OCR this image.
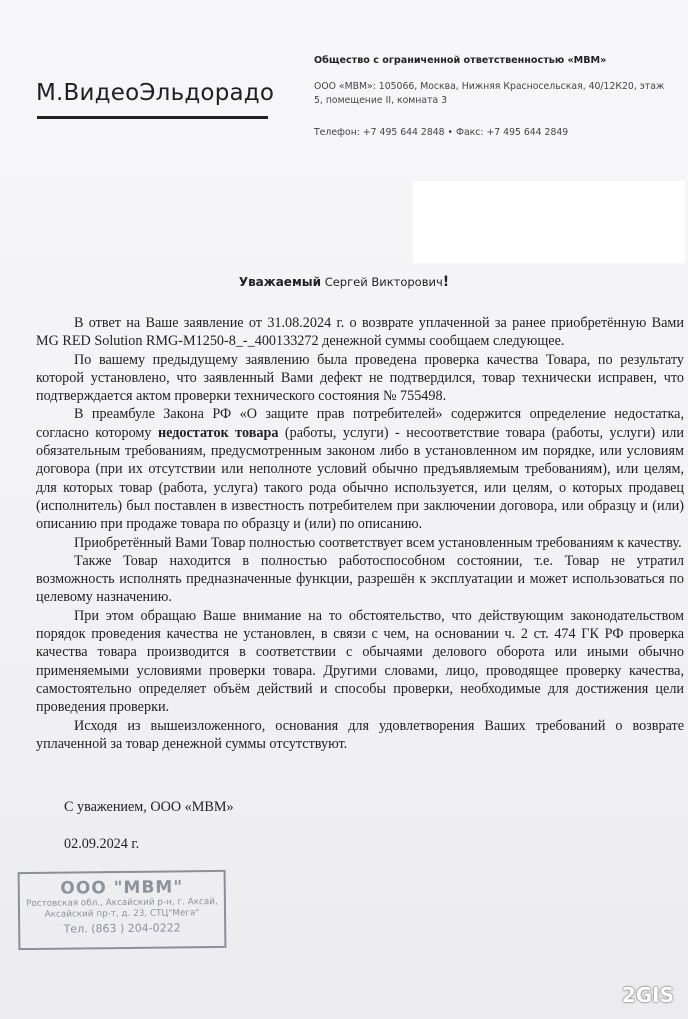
М.ВидеоЭльдорадо
Общество с ограниченной ответственностью «МВМ»
ООО «МВМ»: 105066, Москва, Нижняя Красносельская, 40/12К20, этаж 5, помещение II, комната 3
Телефон: +7 495 644 2848 • Факс: +7 495 644 2849
Уважаемый Сергей Викторович!

В ответ на Ваше заявление от 31.08.2024 г. о возврате уплаченной за ранее приобретённую Вами MG RED Solution RMG-M1250-8_-_400133272 денежной суммы сообщаем следующее.

По вашему предыдущему заявлению была проведена проверка качества Товара, по результату которой установлено, что заявленный Вами дефект не подтвердился, товар технически исправен, что подтверждается актом проверки технического состояния № 755498.

В преамбуле Закона РФ «О защите прав потребителей» содержится определение недостатка, согласно которому недостаток товара (работы, услуги) - несоответствие товара (работы, услуги) или обязательным требованиям, предусмотренным законом либо в установленном им порядке, или условиям договора (при их отсутствии или неполноте условий обычно предъявляемым требованиям), или целям, для которых товар (работа, услуга) такого рода обычно используется, или целям, о которых продавец (исполнитель) был поставлен в известность потребителем при заключении договора, или образцу и (или) описанию при продаже товара по образцу и (или) по описанию.

Приобретённый Вами Товар полностью соответствует всем установленным требованиям к качеству.

Также Товар находится в полностью работоспособном состоянии, т.е. Товар не утратил возможность исполнять предназначенные функции, разрешён к эксплуатации и может использоваться по целевому назначению.

При этом обращаю Ваше внимание на то обстоятельство, что действующим законодательством порядок проведения качества не установлен, в связи с чем, на основании ч. 2 ст. 474 ГК РФ проверка качества товара производится в соответствии с обычаями делового оборота или иными обычно применяемыми условиями проверки товара. Другими словами, лицо, проводящее проверку качества, самостоятельно определяет объём действий и способы проверки, необходимые для достижения цели проведения проверки.

Исходя из вышеизложенного, основания для удовлетворения Ваших требований о возврате уплаченной за товар денежной суммы отсутствуют.

С уважением, ООО «МВМ»
02.09.2024 г.
ООО "МВМ"
Ростовская обл., Аксайский р-н, г. Аксай,
Аксайский пр-т, д. 23, СТЦ"Мега"
Тел. (863 ) 204-0222
2GIS
